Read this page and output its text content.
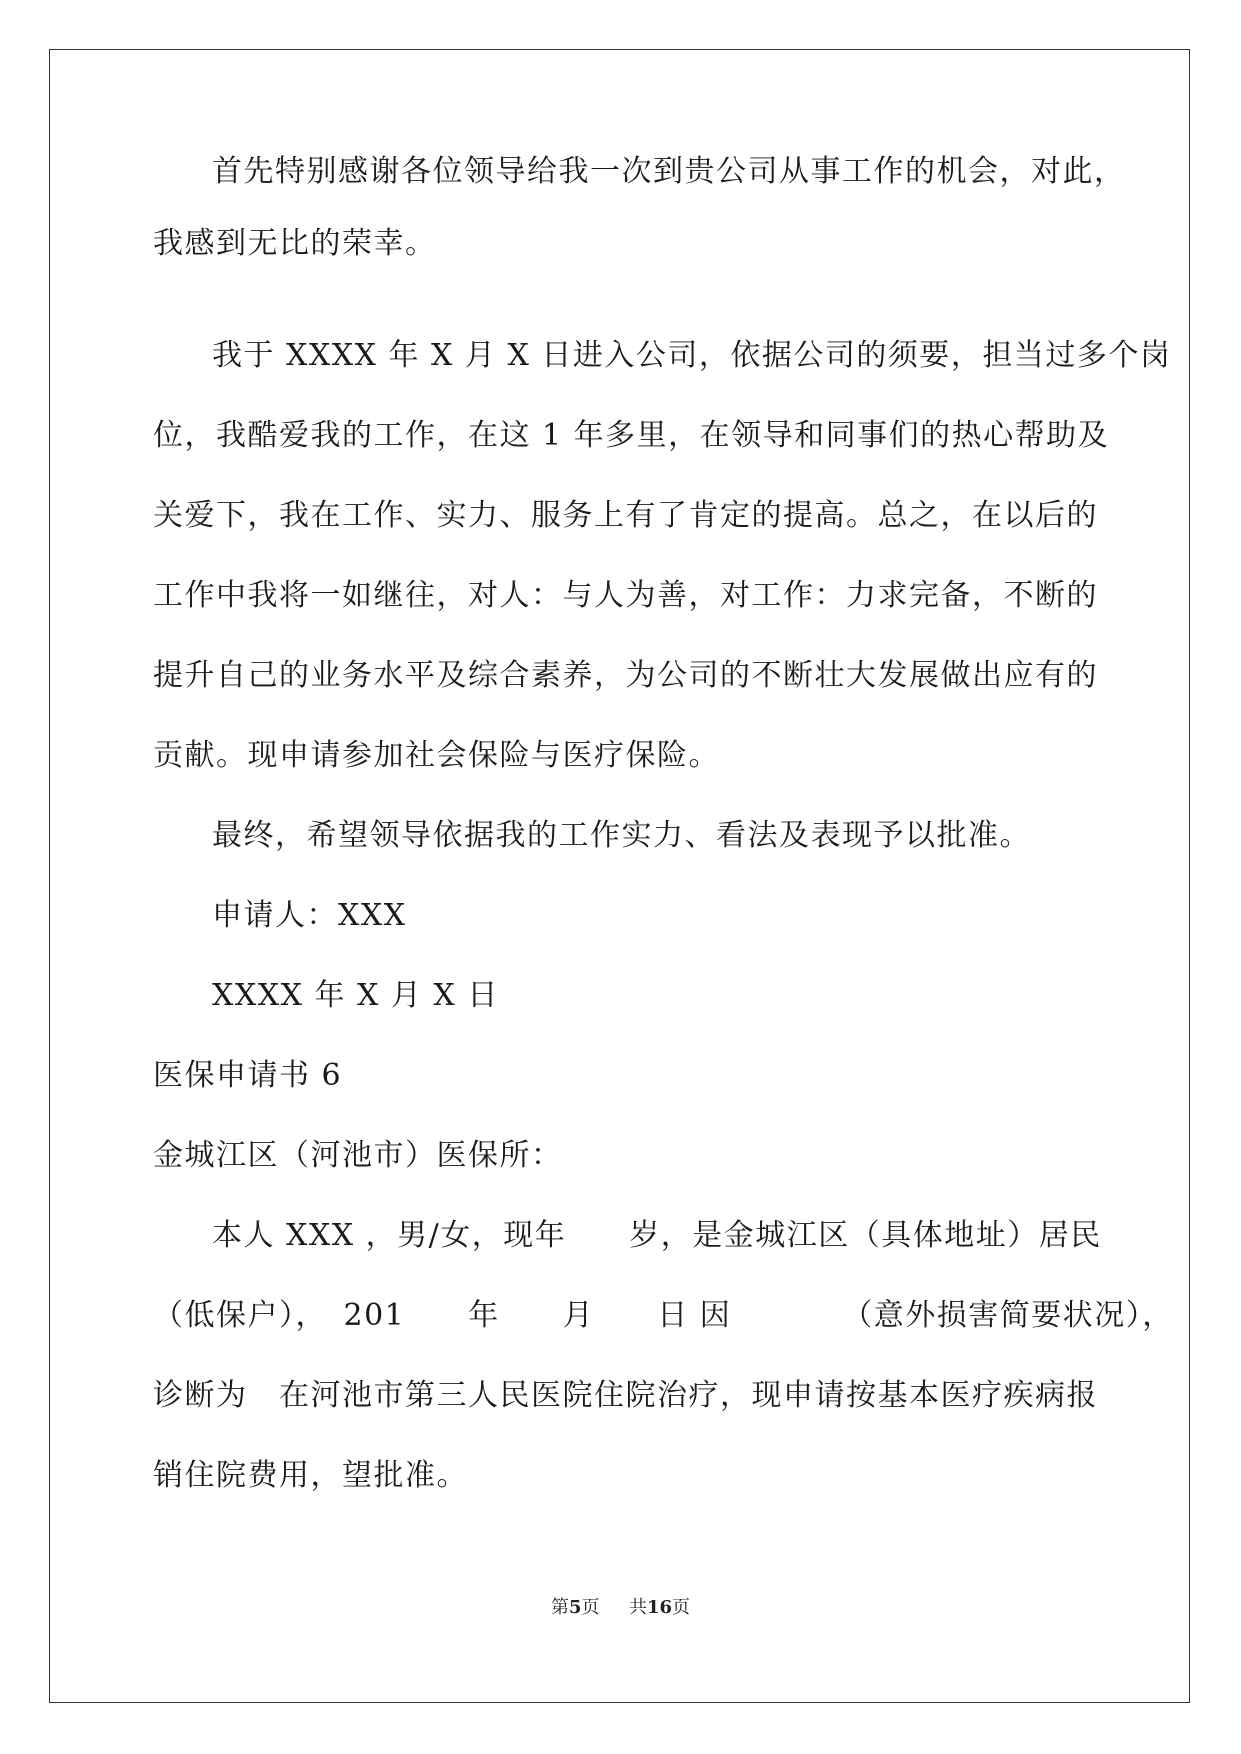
首先特别感谢各位领导给我一次到贵公司从事工作的机会，对此，
我感到无比的荣幸。
我于 XXXX 年 X 月 X 日进入公司，依据公司的须要，担当过多个岗
位，我酷爱我的工作，在这 1 年多里，在领导和同事们的热心帮助及
关爱下，我在工作、实力、服务上有了肯定的提高。总之，在以后的
工作中我将一如继往，对人：与人为善，对工作：力求完备，不断的
提升自己的业务水平及综合素养，为公司的不断壮大发展做出应有的
贡献。现申请参加社会保险与医疗保险。
最终，希望领导依据我的工作实力、看法及表现予以批准。
申请人：XXX
XXXX 年 X 月 X 日
医保申请书 6
金城江区（河池市）医保所：
本人 XXX ，男/女，现年　　岁，是金城江区（具体地址）居民
（低保户），　201　　年　　月　　日 因　　　　（意外损害简要状况），
诊断为　在河池市第三人民医院住院治疗，现申请按基本医疗疾病报
销住院费用，望批准。
第5页 共16页
